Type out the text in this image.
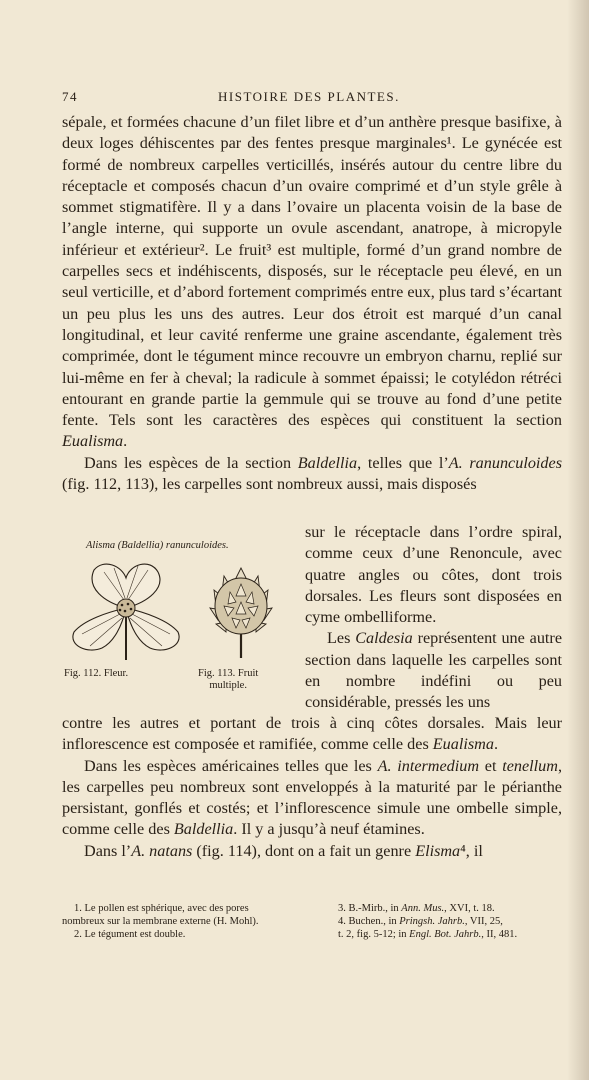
74	HISTOIRE DES PLANTES.

sépale, et formées chacune d’un filet libre et d’un anthère presque basifixe, à deux loges déhiscentes par des fentes presque marginales¹. Le gynécée est formé de nombreux carpelles verticillés, insérés autour du centre libre du réceptacle et composés chacun d’un ovaire comprimé et d’un style grêle à sommet stigmatifère. Il y a dans l’ovaire un placenta voisin de la base de l’angle interne, qui supporte un ovule ascendant, anatrope, à micropyle inférieur et extérieur². Le fruit³ est multiple, formé d’un grand nombre de carpelles secs et indéhiscents, disposés, sur le réceptacle peu élevé, en un seul verticille, et d’abord fortement comprimés entre eux, plus tard s’écartant un peu plus les uns des autres. Leur dos étroit est marqué d’un canal longitudinal, et leur cavité renferme une graine ascendante, également très comprimée, dont le tégument mince recouvre un embryon charnu, replié sur lui-même en fer à cheval; la radicule à sommet épaissi; le cotylédon rétréci entourant en grande partie la gemmule qui se trouve au fond d’une petite fente. Tels sont les caractères des espèces qui constituent la section Eualisma.

Dans les espèces de la section Baldellia, telles que l’A. ranunculoides (fig. 112, 113), les carpelles sont nombreux aussi, mais disposés

Alisma (Baldellia) ranunculoides.
Fig. 112. Fleur.	Fig. 113. Fruit
multiple.

sur le réceptacle dans l’ordre spiral, comme ceux d’une Renoncule, avec quatre angles ou côtes, dont trois dorsales. Les fleurs sont disposées en cyme ombelliforme.

Les Caldesia représentent une autre section dans laquelle les carpelles sont en nombre indéfini ou peu considérable, pressés les uns

contre les autres et portant de trois à cinq côtes dorsales. Mais leur inflorescence est composée et ramifiée, comme celle des Eualisma.

Dans les espèces américaines telles que les A. intermedium et tenellum, les carpelles peu nombreux sont enveloppés à la maturité par le périanthe persistant, gonflés et costés; et l’inflorescence simule une ombelle simple, comme celle des Baldellia. Il y a jusqu’à neuf étamines.

Dans l’A. natans (fig. 114), dont on a fait un genre Elisma⁴, il

1. Le pollen est sphérique, avec des pores
nombreux sur la membrane externe (H. Mohl).
2. Le tégument est double.
3. B.-Mirb., in Ann. Mus., XVI, t. 18.
4. Buchen., in Pringsh. Jahrb., VII, 25,
t. 2, fig. 5-12; in Engl. Bot. Jahrb., II, 481.
